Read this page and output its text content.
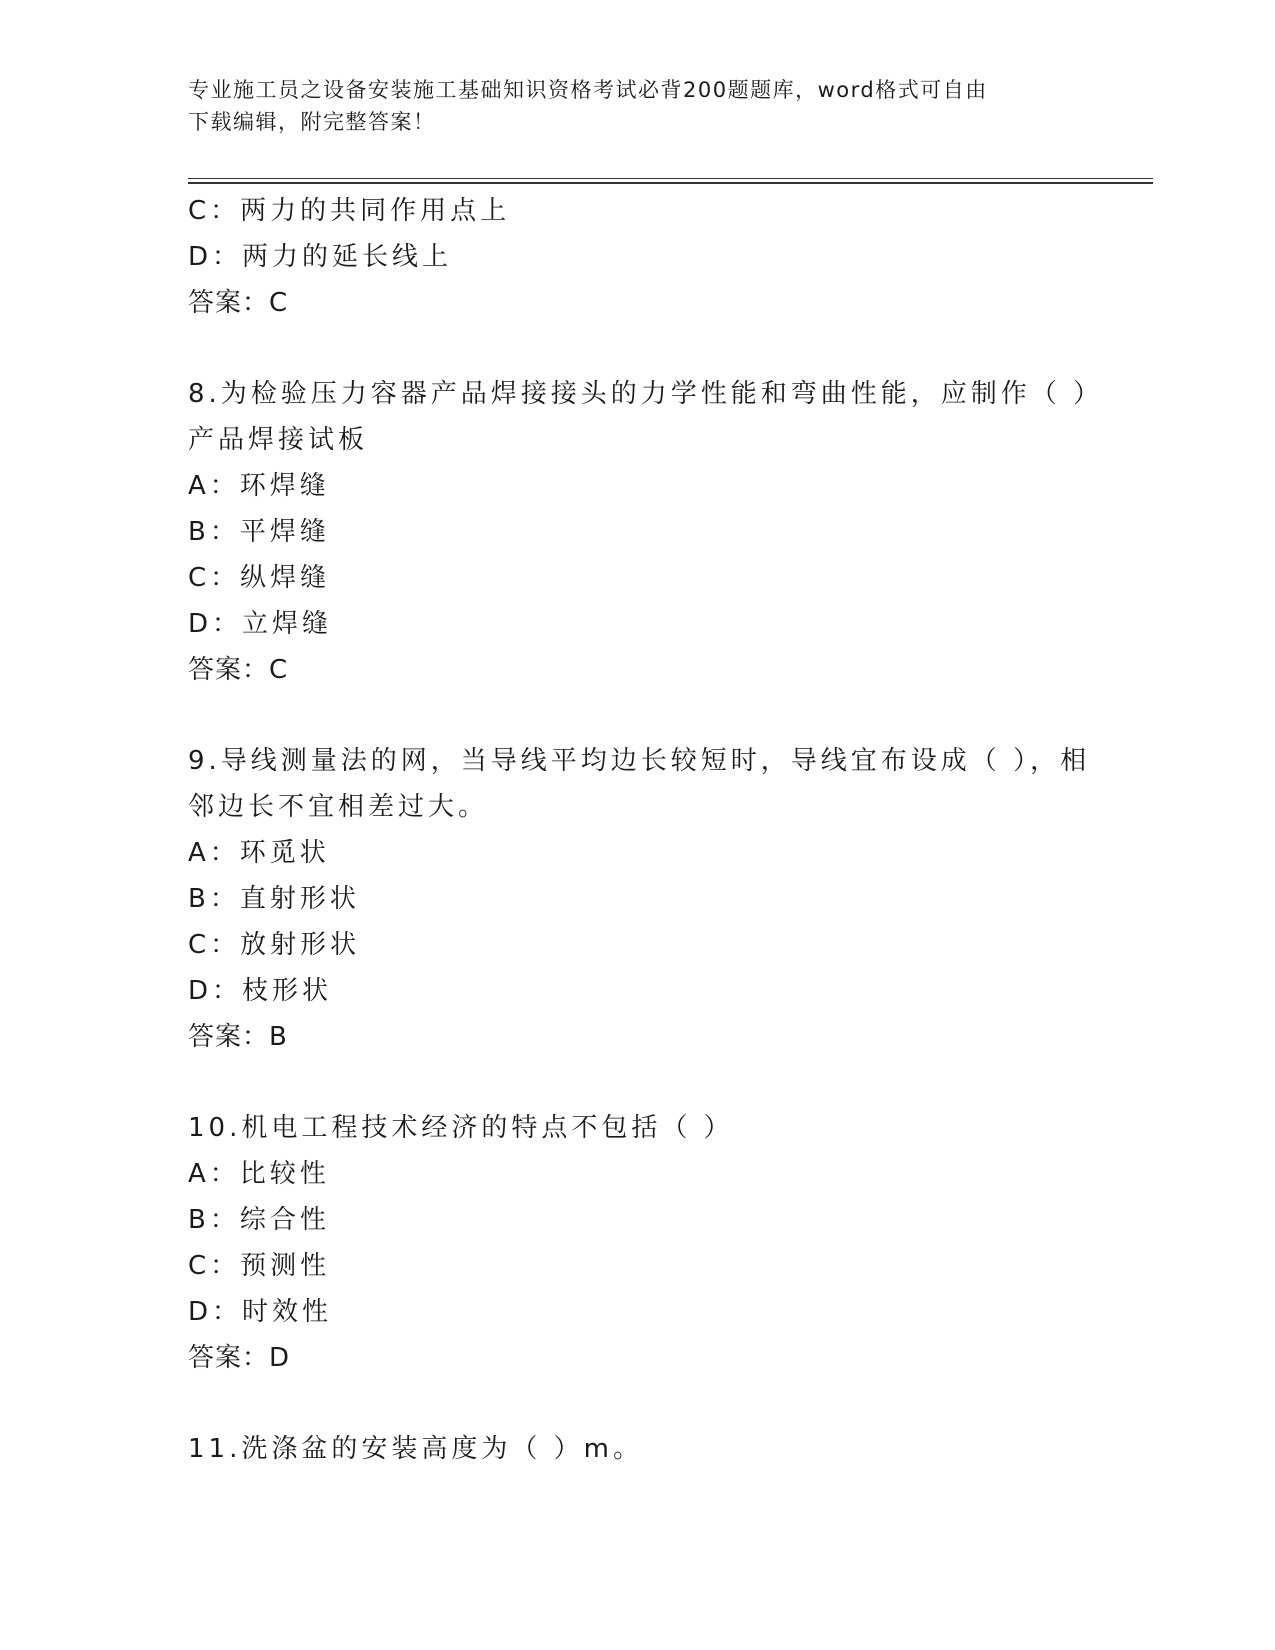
专业施工员之设备安装施工基础知识资格考试必背200题题库，word格式可自由
下载编辑，附完整答案！
C：两力的共同作用点上
D：两力的延长线上
答案：C
8.为检验压力容器产品焊接接头的力学性能和弯曲性能，应制作（ ）
产品焊接试板
A：环焊缝
B：平焊缝
C：纵焊缝
D：立焊缝
答案：C
9.导线测量法的网，当导线平均边长较短时，导线宜布设成（ ），相
邻边长不宜相差过大。
A：环觅状
B：直射形状
C：放射形状
D：枝形状
答案：B
10.机电工程技术经济的特点不包括（ ）
A：比较性
B：综合性
C：预测性
D：时效性
答案：D
11.洗涤盆的安装高度为（ ）m。
